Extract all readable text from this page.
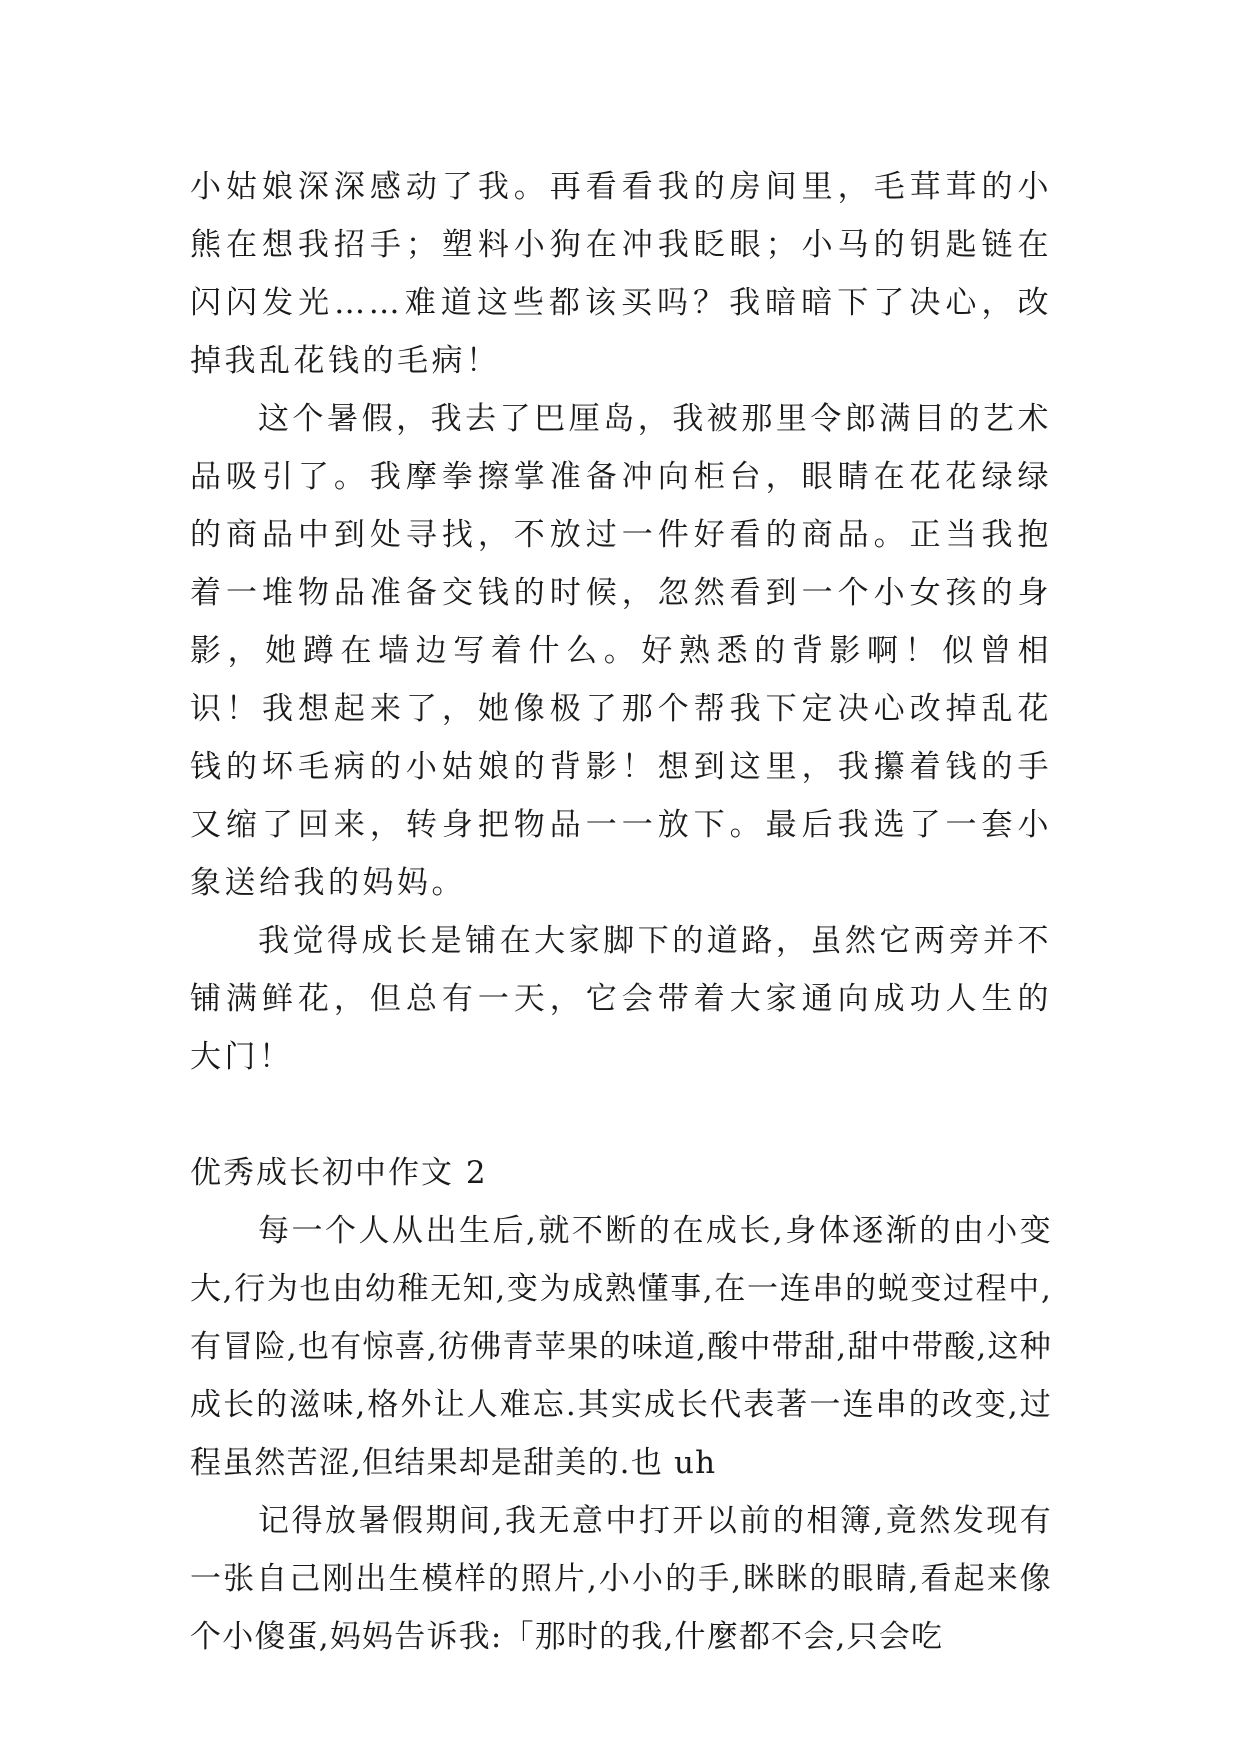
小姑娘深深感动了我。再看看我的房间里，毛茸茸的小熊在想我招手；塑料小狗在冲我眨眼；小马的钥匙链在闪闪发光……难道这些都该买吗？我暗暗下了决心，改掉我乱花钱的毛病！

这个暑假，我去了巴厘岛，我被那里令郎满目的艺术品吸引了。我摩拳擦掌准备冲向柜台，眼睛在花花绿绿的商品中到处寻找，不放过一件好看的商品。正当我抱着一堆物品准备交钱的时候，忽然看到一个小女孩的身影，她蹲在墙边写着什么。好熟悉的背影啊！似曾相识！我想起来了，她像极了那个帮我下定决心改掉乱花钱的坏毛病的小姑娘的背影！想到这里，我攥着钱的手又缩了回来，转身把物品一一放下。最后我选了一套小象送给我的妈妈。

我觉得成长是铺在大家脚下的道路，虽然它两旁并不铺满鲜花，但总有一天，它会带着大家通向成功人生的大门！

优秀成长初中作文 2

每一个人从出生后,就不断的在成长,身体逐渐的由小变大,行为也由幼稚无知,变为成熟懂事,在一连串的蜕变过程中,有冒险,也有惊喜,彷佛青苹果的味道,酸中带甜,甜中带酸,这种成长的滋味,格外让人难忘.其实成长代表著一连串的改变,过程虽然苦涩,但结果却是甜美的.也 uh

记得放暑假期间,我无意中打开以前的相簿,竟然发现有一张自己刚出生模样的照片,小小的手,眯眯的眼睛,看起来像个小傻蛋,妈妈告诉我:「那时的我,什麼都不会,只会吃
